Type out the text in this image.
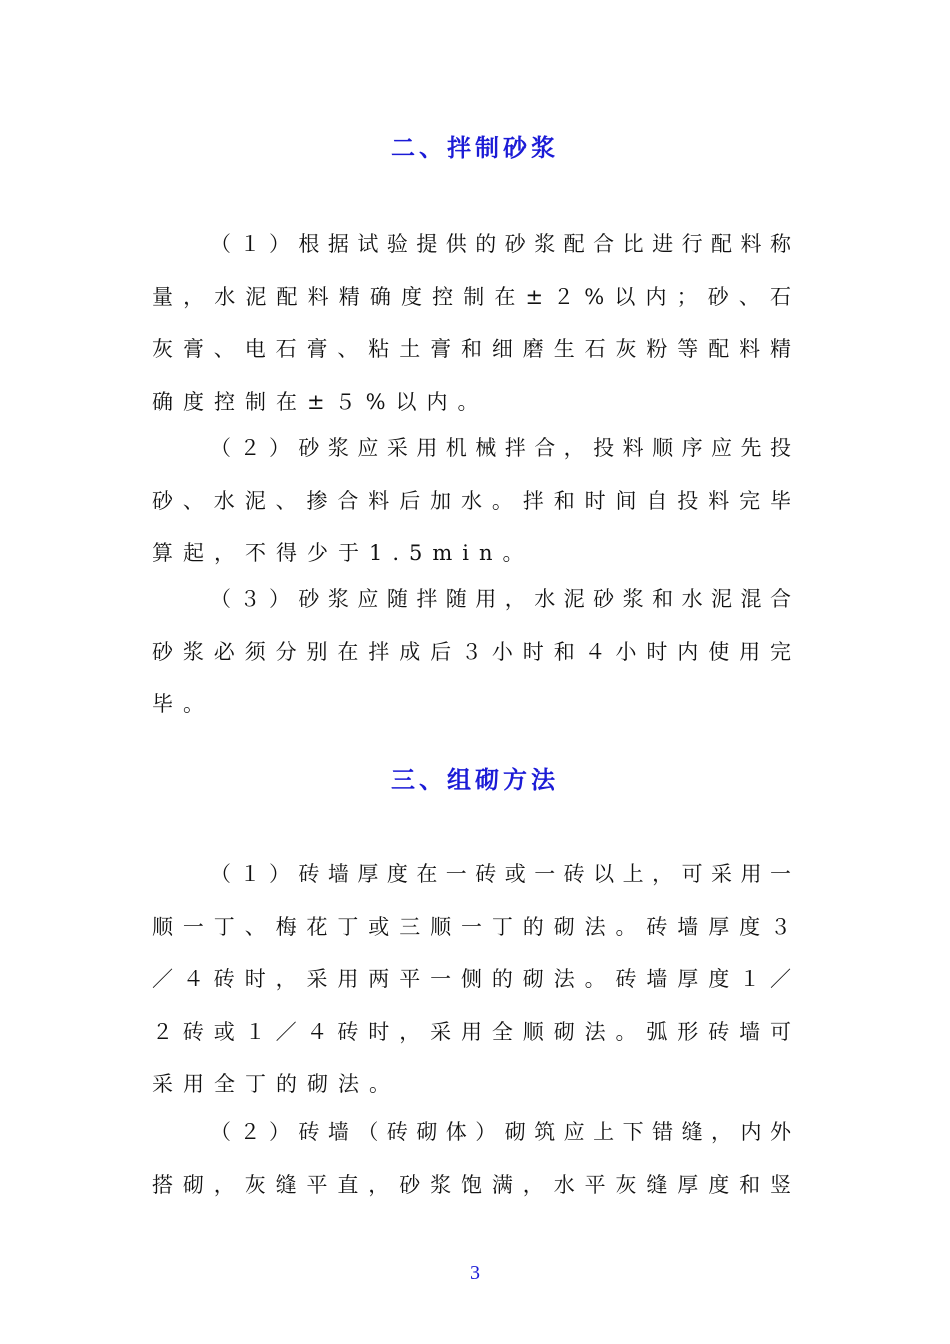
二、拌制砂浆
（１）根据试验提供的砂浆配合比进行配料称
量，水泥配料精确度控制在±２%以内；砂、石
灰膏、电石膏、粘土膏和细磨生石灰粉等配料精
确度控制在±５%以内。
（２）砂浆应采用机械拌合，投料顺序应先投
砂、水泥、掺合料后加水。拌和时间自投料完毕
算起，不得少于1.5min。
（３）砂浆应随拌随用，水泥砂浆和水泥混合
砂浆必须分别在拌成后３小时和４小时内使用完
毕。
三、组砌方法
（１）砖墙厚度在一砖或一砖以上，可采用一
顺一丁、梅花丁或三顺一丁的砌法。砖墙厚度３
／４砖时，采用两平一侧的砌法。砖墙厚度１／
２砖或１／４砖时，采用全顺砌法。弧形砖墙可
采用全丁的砌法。
（２）砖墙（砖砌体）砌筑应上下错缝，内外
搭砌，灰缝平直，砂浆饱满，水平灰缝厚度和竖
3
